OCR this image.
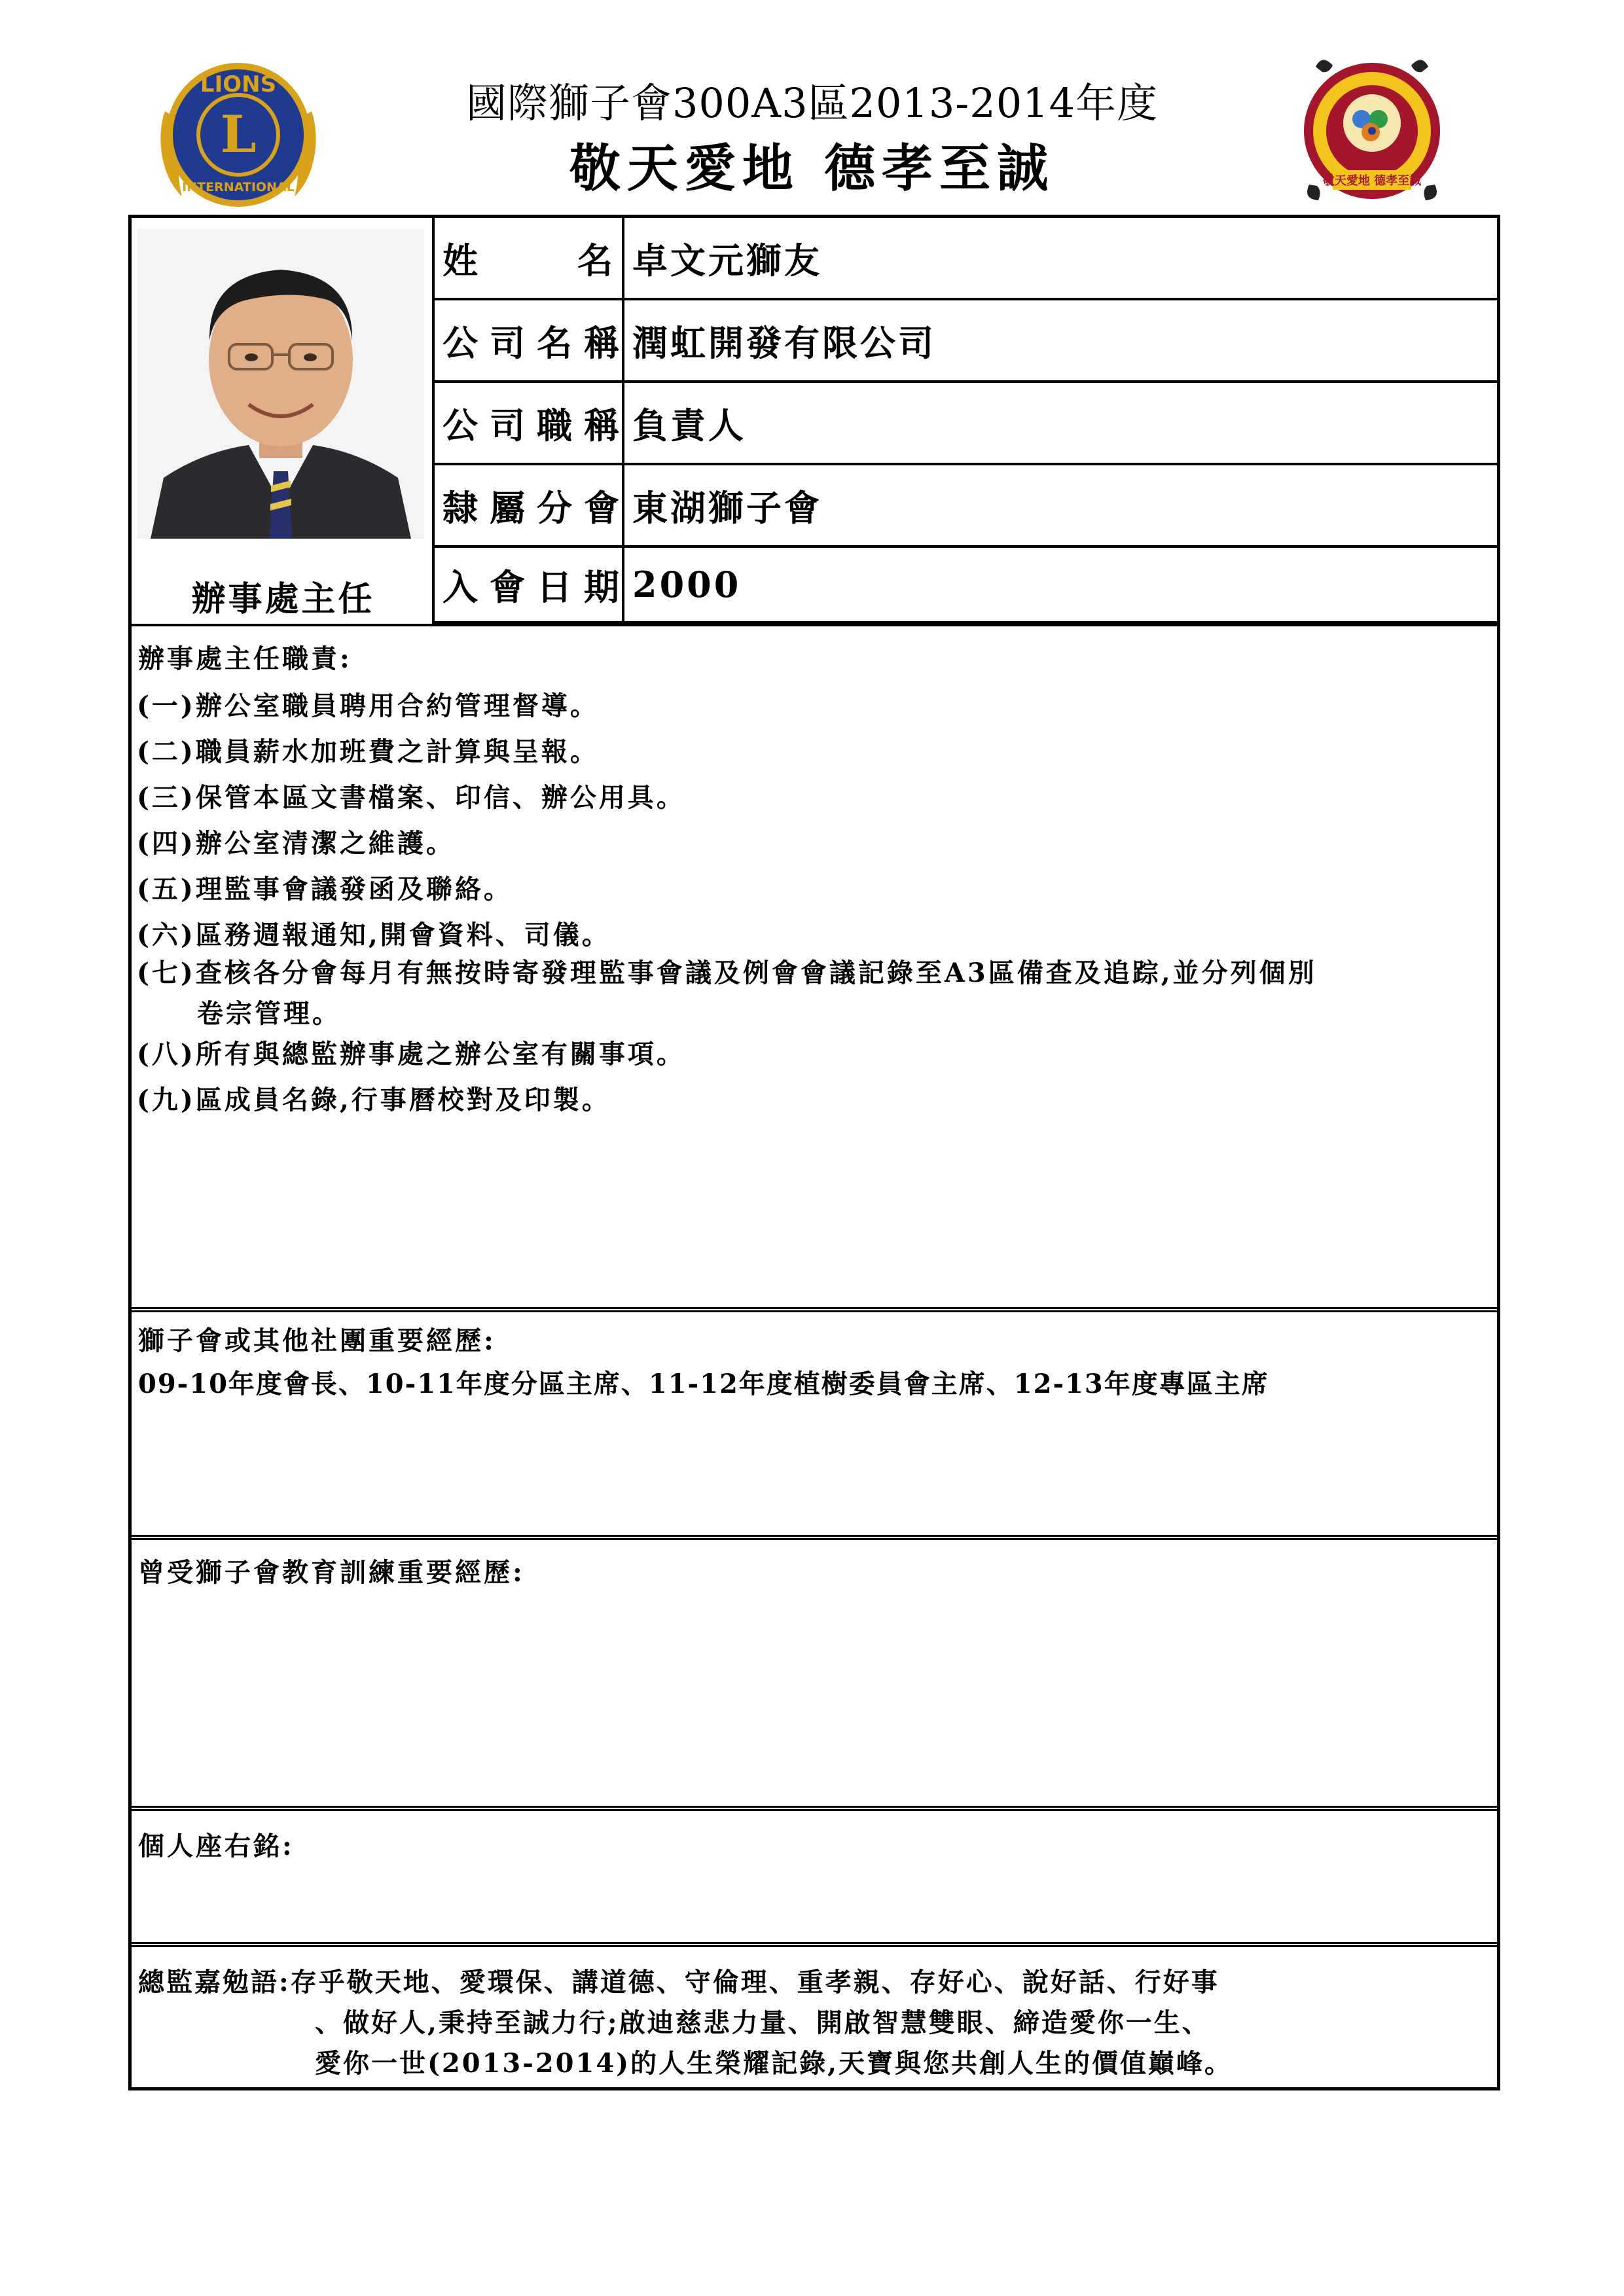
LIONS
L
INTERNATIONAL
國際獅子會300A3區2013-2014年度
敬天愛地 德孝至誠	敬天愛地 德孝至誠
辦事處主任
姓	名 卓文元獅友
公司名稱 潤虹開發有限公司
公司職稱 負責人
隸屬分會 東湖獅子會
入會日期 2000
辦事處主任職責:
(一)辦公室職員聘用合約管理督導。
(二)職員薪水加班費之計算與呈報。
(三)保管本區文書檔案、印信、辦公用具。
(四)辦公室清潔之維護。
(五)理監事會議發函及聯絡。
(六)區務週報通知,開會資料、司儀。
(七)查核各分會每月有無按時寄發理監事會議及例會會議記錄至A3區備查及追踪,並分列個別
卷宗管理。
(八)所有與總監辦事處之辦公室有關事項。
(九)區成員名錄,行事曆校對及印製。
獅子會或其他社團重要經歷:
09-10年度會長、10-11年度分區主席、11-12年度植樹委員會主席、12-13年度專區主席
曾受獅子會教育訓練重要經歷:
個人座右銘:
總監嘉勉語:存乎敬天地、愛環保、講道德、守倫理、重孝親、存好心、說好話、行好事
、做好人,秉持至誠力行;啟迪慈悲力量、開啟智慧雙眼、締造愛你一生、
愛你一世(2013-2014)的人生榮耀記錄,天寶與您共創人生的價值巔峰。
